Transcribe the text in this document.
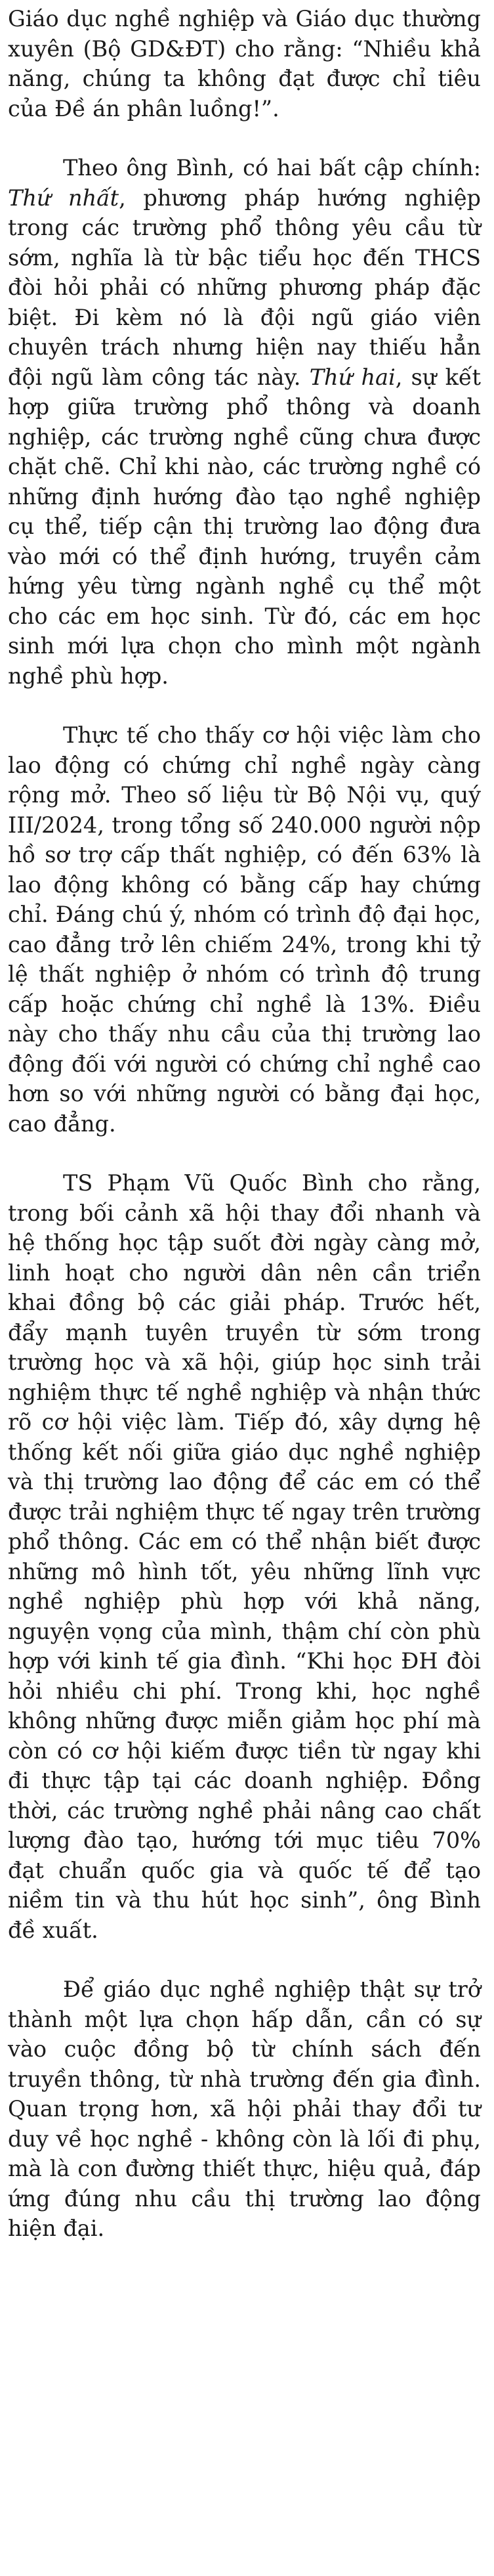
Giáo dục nghề nghiệp và Giáo dục thường xuyên (Bộ GD&ĐT) cho rằng: “Nhiều khả năng, chúng ta không đạt được chỉ tiêu của Đề án phân luồng!”.

Theo ông Bình, có hai bất cập chính: Thứ nhất, phương pháp hướng nghiệp trong các trường phổ thông yêu cầu từ sớm, nghĩa là từ bậc tiểu học đến THCS đòi hỏi phải có những phương pháp đặc biệt. Đi kèm nó là đội ngũ giáo viên chuyên trách nhưng hiện nay thiếu hẳn đội ngũ làm công tác này. Thứ hai, sự kết hợp giữa trường phổ thông và doanh nghiệp, các trường nghề cũng chưa được chặt chẽ. Chỉ khi nào, các trường nghề có những định hướng đào tạo nghề nghiệp cụ thể, tiếp cận thị trường lao động đưa vào mới có thể định hướng, truyền cảm hứng yêu từng ngành nghề cụ thể một cho các em học sinh. Từ đó, các em học sinh mới lựa chọn cho mình một ngành nghề phù hợp.

Thực tế cho thấy cơ hội việc làm cho lao động có chứng chỉ nghề ngày càng rộng mở. Theo số liệu từ Bộ Nội vụ, quý III/2024, trong tổng số 240.000 người nộp hồ sơ trợ cấp thất nghiệp, có đến 63% là lao động không có bằng cấp hay chứng chỉ. Đáng chú ý, nhóm có trình độ đại học, cao đẳng trở lên chiếm 24%, trong khi tỷ lệ thất nghiệp ở nhóm có trình độ trung cấp hoặc chứng chỉ nghề là 13%. Điều này cho thấy nhu cầu của thị trường lao động đối với người có chứng chỉ nghề cao hơn so với những người có bằng đại học, cao đẳng.

TS Phạm Vũ Quốc Bình cho rằng, trong bối cảnh xã hội thay đổi nhanh và hệ thống học tập suốt đời ngày càng mở, linh hoạt cho người dân nên cần triển khai đồng bộ các giải pháp. Trước hết, đẩy mạnh tuyên truyền từ sớm trong trường học và xã hội, giúp học sinh trải nghiệm thực tế nghề nghiệp và nhận thức rõ cơ hội việc làm. Tiếp đó, xây dựng hệ thống kết nối giữa giáo dục nghề nghiệp và thị trường lao động để các em có thể được trải nghiệm thực tế ngay trên trường phổ thông. Các em có thể nhận biết được những mô hình tốt, yêu những lĩnh vực nghề nghiệp phù hợp với khả năng, nguyện vọng của mình, thậm chí còn phù hợp với kinh tế gia đình. “Khi học ĐH đòi hỏi nhiều chi phí. Trong khi, học nghề không những được miễn giảm học phí mà còn có cơ hội kiếm được tiền từ ngay khi đi thực tập tại các doanh nghiệp. Đồng thời, các trường nghề phải nâng cao chất lượng đào tạo, hướng tới mục tiêu 70% đạt chuẩn quốc gia và quốc tế để tạo niềm tin và thu hút học sinh”, ông Bình đề xuất.

Để giáo dục nghề nghiệp thật sự trở thành một lựa chọn hấp dẫn, cần có sự vào cuộc đồng bộ từ chính sách đến truyền thông, từ nhà trường đến gia đình. Quan trọng hơn, xã hội phải thay đổi tư duy về học nghề - không còn là lối đi phụ, mà là con đường thiết thực, hiệu quả, đáp ứng đúng nhu cầu thị trường lao động hiện đại.
